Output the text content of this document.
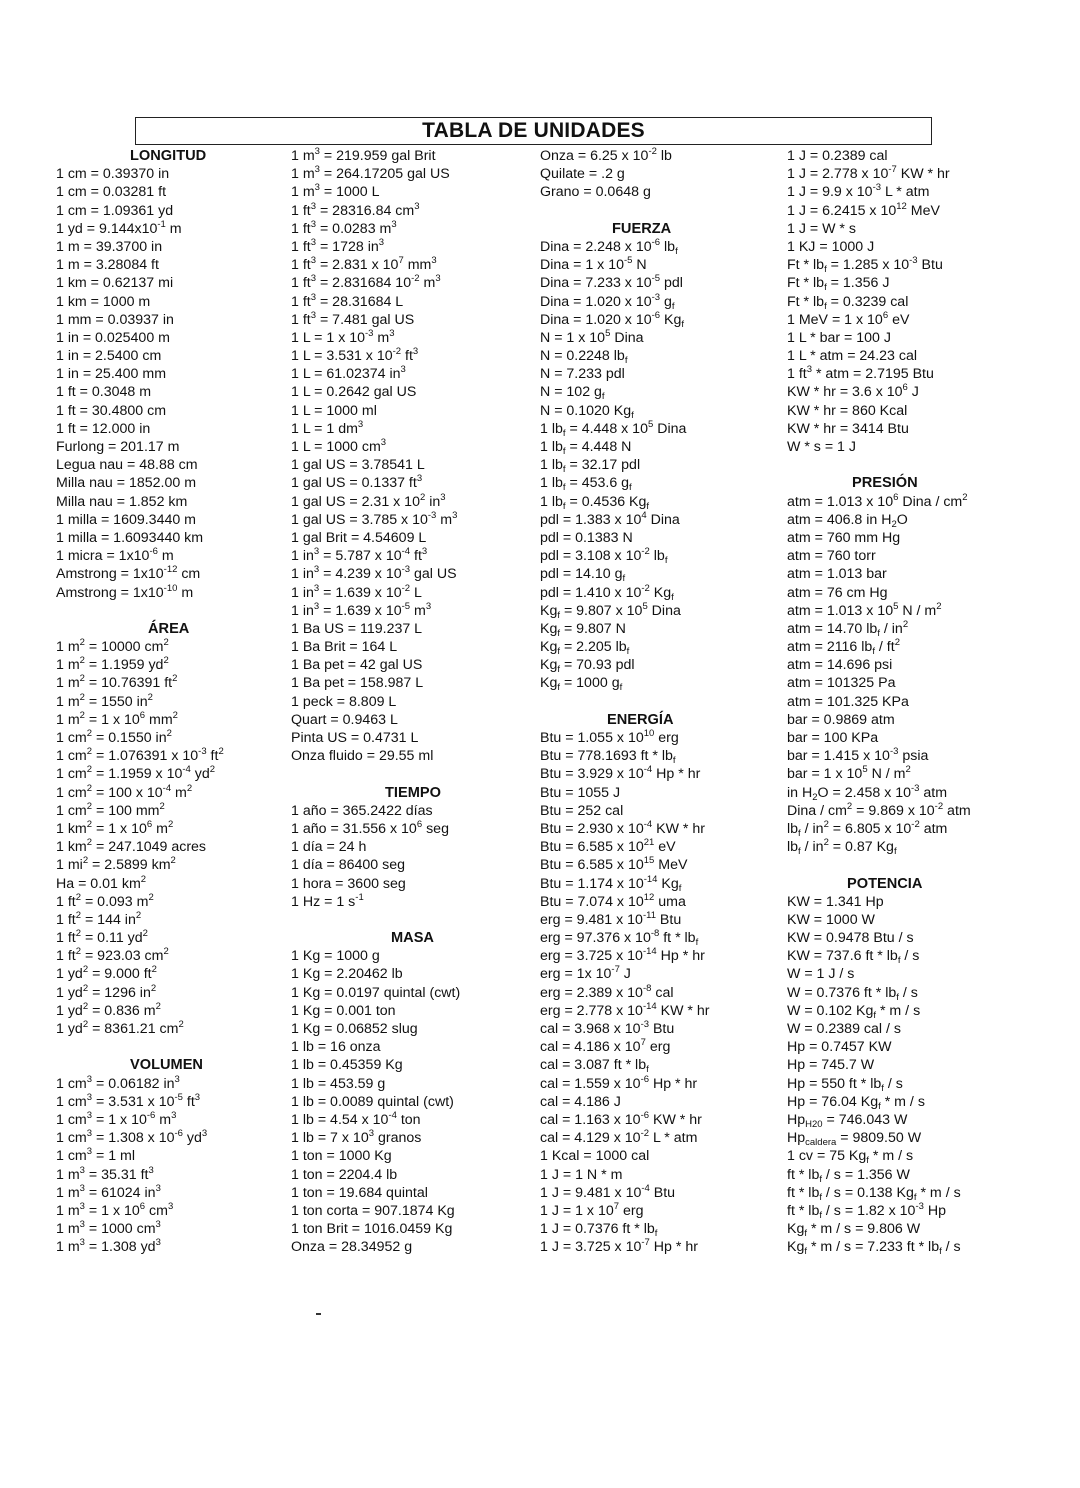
TABLA DE UNIDADES
LONGITUD
1 cm = 0.39370 in
1 cm = 0.03281 ft
1 cm = 1.09361 yd
1 yd = $9.144x10^{-1}$ m
1 m = 39.3700 in
1 m = 3.28084 ft
1 km = 0.62137 mi
1 km = 1000 m
1 mm = 0.03937 in
1 in = 0.025400 m
1 in = 2.5400 cm
1 in = 25.400 mm
1 ft = 0.3048 m
1 ft = 30.4800 cm
1 ft = 12.000 in
Furlong = 201.17 m
Legua nau = 48.88 cm
Milla nau = 1852.00 m
Milla nau = 1.852 km
1 milla = 1609.3440 m
1 milla = 1.6093440 km
1 micra = $1x10^{-6}$ m
Amstrong = $1x10^{-12}$ cm
Amstrong = $1x10^{-10}$ m
ÁREA
1 $m^2 = 10000$ $cm^2$
1 $m^2 = 1.1959$ $yd^2$
1 $m^2 = 10.76391$ $ft^2$
1 $m^2 = 1550$ $in^2$
1 $m^2 = 1$ x $10^6$ $mm^2$
1 $cm^2 = 0.1550$ $in^2$
1 $cm^2 = 1.076391$ x $10^{-3}$ $ft^2$
1 $cm^2 = 1.1959$ x $10^{-4}$ $yd^2$
1 $cm^2 = 100$ x $10^{-4}$ $m^2$
1 $cm^2 = 100$ $mm^2$
1 $km^2 = 1$ x $10^6$ $m^2$
1 $km^2 = 247.1049$ acres
1 $mi^2 = 2.5899$ $km^2$
Ha = 0.01 $km^2$
1 $ft^2 = 0.093$ $m^2$
1 $ft^2 = 144$ $in^2$
1 $ft^2 = 0.11$ $yd^2$
1 $ft^2 = 923.03$ $cm^2$
1 $yd^2 = 9.000$ $ft^2$
1 $yd^2 = 1296$ $in^2$
1 $yd^2 = 0.836$ $m^2$
1 $yd^2 = 8361.21$ $cm^2$
VOLUMEN
1 $cm^3 = 0.06182$ $in^3$
1 $cm^3 = 3.531$ x $10^{-5}$ $ft^3$
1 $cm^3 = 1$ x $10^{-6}$ $m^3$
1 $cm^3 = 1.308$ x $10^{-6}$ $yd^3$
1 $cm^3 = 1$ ml
1 $m^3 = 35.31$ $ft^3$
1 $m^3 = 61024$ $in^3$
1 $m^3 = 1$ x $10^6$ $cm^3$
1 $m^3 = 1000$ $cm^3$
1 $m^3 = 1.308$ $yd^3$
1 $m^3 = 219.959$ gal Brit
1 $m^3 = 264.17205$ gal US
1 $m^3 = 1000$ L
1 $ft^3 = 28316.84$ $cm^3$
1 $ft^3 = 0.0283$ $m^3$
1 $ft^3 = 1728$ $in^3$
1 $ft^3 = 2.831$ x $10^7$ $mm^3$
1 $ft^3 = 2.831684$ $10^{-2}$ $m^3$
1 $ft^3 = 28.31684$ L
1 $ft^3 = 7.481$ gal US
1 L = 1 x $10^{-3}$ $m^3$
1 L = 3.531 x $10^{-2}$ $ft^3$
1 L = 61.02374 $in^3$
1 L = 0.2642 gal US
1 L = 1000 ml
1 L = 1 $dm^3$
1 L = 1000 $cm^3$
1 gal US = 3.78541 L
1 gal US = 0.1337 $ft^3$
1 gal US = 2.31 x $10^2$ $in^3$
1 gal US = 3.785 x $10^{-3}$ $m^3$
1 gal Brit = 4.54609 L
1 $in^3 = 5.787$ x $10^{-4}$ $ft^3$
1 $in^3 = 4.239$ x $10^{-3}$ gal US
1 $in^3 = 1.639$ x $10^{-2}$ L
1 $in^3 = 1.639$ x $10^{-5}$ $m^3$
1 Ba US = 119.237 L
1 Ba Brit = 164 L
1 Ba pet = 42 gal US
1 Ba pet = 158.987 L
1 peck = 8.809 L
Quart = 0.9463 L
Pinta US = 0.4731 L
Onza fluido = 29.55 ml
TIEMPO
1 año = 365.2422 días
1 año = 31.556 x $10^6$ seg
1 día = 24 h
1 día = 86400 seg
1 hora = 3600 seg
1 Hz = 1 $s^{-1}$
MASA
1 Kg = 1000 g
1 Kg = 2.20462 lb
1 Kg = 0.0197 quintal (cwt)
1 Kg = 0.001 ton
1 Kg = 0.06852 slug
1 lb = 16 onza
1 lb = 0.45359 Kg
1 lb = 453.59 g
1 lb = 0.0089 quintal (cwt)
1 lb = 4.54 x $10^{-4}$ ton
1 lb = 7 x $10^3$ granos
1 ton = 1000 Kg
1 ton = 2204.4 lb
1 ton = 19.684 quintal
1 ton corta = 907.1874 Kg
1 ton Brit = 1016.0459 Kg
Onza = 28.34952 g
Onza = 6.25 x $10^{-2}$ lb
Quilate = .2 g
Grano = 0.0648 g
FUERZA
Dina = 2.248 x $10^{-6}$ $lb_f$
Dina = 1 x $10^{-5}$ N
Dina = 7.233 x $10^{-5}$ pdl
Dina = 1.020 x $10^{-3}$ $g_f$
Dina = 1.020 x $10^{-6}$ $Kg_f$
N = 1 x $10^5$ Dina
N = 0.2248 $lb_f$
N = 7.233 pdl
N = 102 $g_f$
N = 0.1020 $Kg_f$
1 $lb_f = 4.448$ x $10^5$ Dina
1 $lb_f = 4.448$ N
1 $lb_f = 32.17$ pdl
1 $lb_f = 453.6$ $g_f$
1 $lb_f = 0.4536$ $Kg_f$
pdl = 1.383 x $10^4$ Dina
pdl = 0.1383 N
pdl = 3.108 x $10^{-2}$ $lb_f$
pdl = 14.10 $g_f$
pdl = 1.410 x $10^{-2}$ $Kg_f$
$Kg_f = 9.807$ x $10^5$ Dina
$Kg_f = 9.807$ N
$Kg_f = 2.205$ $lb_f$
$Kg_f = 70.93$ pdl
$Kg_f = 1000$ $g_f$
ENERGÍA
Btu = 1.055 x $10^{10}$ erg
Btu = 778.1693 ft * $lb_f$
Btu = 3.929 x $10^{-4}$ Hp * hr
Btu = 1055 J
Btu = 252 cal
Btu = 2.930 x $10^{-4}$ KW * hr
Btu = 6.585 x $10^{21}$ eV
Btu = 6.585 x $10^{15}$ MeV
Btu = 1.174 x $10^{-14}$ $Kg_f$
Btu = 7.074 x $10^{12}$ uma
erg = 9.481 x $10^{-11}$ Btu
erg = 97.376 x $10^{-8}$ ft * $lb_f$
erg = 3.725 x $10^{-14}$ Hp * hr
erg = 1x $10^{-7}$ J
erg = 2.389 x $10^{-8}$ cal
erg = 2.778 x $10^{-14}$ KW * hr
cal = 3.968 x $10^{-3}$ Btu
cal = 4.186 x $10^7$ erg
cal = 3.087 ft * $lb_f$
cal = 1.559 x $10^{-6}$ Hp * hr
cal = 4.186 J
cal = 1.163 x $10^{-6}$ KW * hr
cal = 4.129 x $10^{-2}$ L * atm
1 Kcal = 1000 cal
1 J = 1 N * m
1 J = 9.481 x $10^{-4}$ Btu
1 J = 1 x $10^7$ erg
1 J = 0.7376 ft * $lb_f$
1 J = 3.725 x $10^{-7}$ Hp * hr
1 J = 0.2389 cal
1 J = 2.778 x $10^{-7}$ KW * hr
1 J = 9.9 x $10^{-3}$ L * atm
1 J = 6.2415 x $10^{12}$ MeV
1 J = W * s
1 KJ = 1000 J
$Ft * lb_f = 1.285$ x $10^{-3}$ Btu
$Ft * lb_f = 1.356$ J
$Ft * lb_f = 0.3239$ cal
1 MeV = 1 x $10^6$ eV
1 L * bar = 100 J
1 L * atm = 24.23 cal
1 $ft^3$ * atm = 2.7195 Btu
KW * hr = 3.6 x $10^6$ J
KW * hr = 860 Kcal
KW * hr = 3414 Btu
W * s = 1 J
PRESIÓN
atm = 1.013 x $10^6$ Dina / $cm^2$
atm = 406.8 in $H_2O$
atm = 760 mm Hg
atm = 760 torr
atm = 1.013 bar
atm = 76 cm Hg
atm = 1.013 x $10^5$ N / $m^2$
atm = 14.70 $lb_f / in^2$
atm = 2116 $lb_f / ft^2$
atm = 14.696 psi
atm = 101325 Pa
atm = 101.325 KPa
bar = 0.9869 atm
bar = 100 KPa
bar = 1.415 x $10^{-3}$ psia
bar = 1 x $10^5$ N / $m^2$
in $H_2O = 2.458$ x $10^{-3}$ atm
Dina / $cm^2 = 9.869$ x $10^{-2}$ atm
$lb_f / in^2 = 6.805$ x $10^{-2}$ atm
$lb_f / in^2 = 0.87$ $Kg_f$
POTENCIA
KW = 1.341 Hp
KW = 1000 W
KW = 0.9478 Btu / s
KW = 737.6 ft * $lb_f$ / s
W = 1 J / s
W = 0.7376 ft * $lb_f$ / s
W = 0.102 $Kg_f$ * m / s
W = 0.2389 cal / s
Hp = 0.7457 KW
Hp = 745.7 W
Hp = 550 ft * $lb_f$ / s
Hp = 76.04 $Kg_f$ * m / s
$Hp_{H20} = 746.043$ W
$Hp_{caldera} = 9809.50$ W
1 cv = 75 $Kg_f$ * m / s
ft * $lb_f / s = 1.356$ W
ft * $lb_f / s = 0.138$ $Kg_f$ * m / s
ft * $lb_f / s = 1.82$ x $10^{-3}$ Hp
$Kg_f * m / s = 9.806$ W
$Kg_f * m / s = 7.233$ ft * $lb_f$ / s
